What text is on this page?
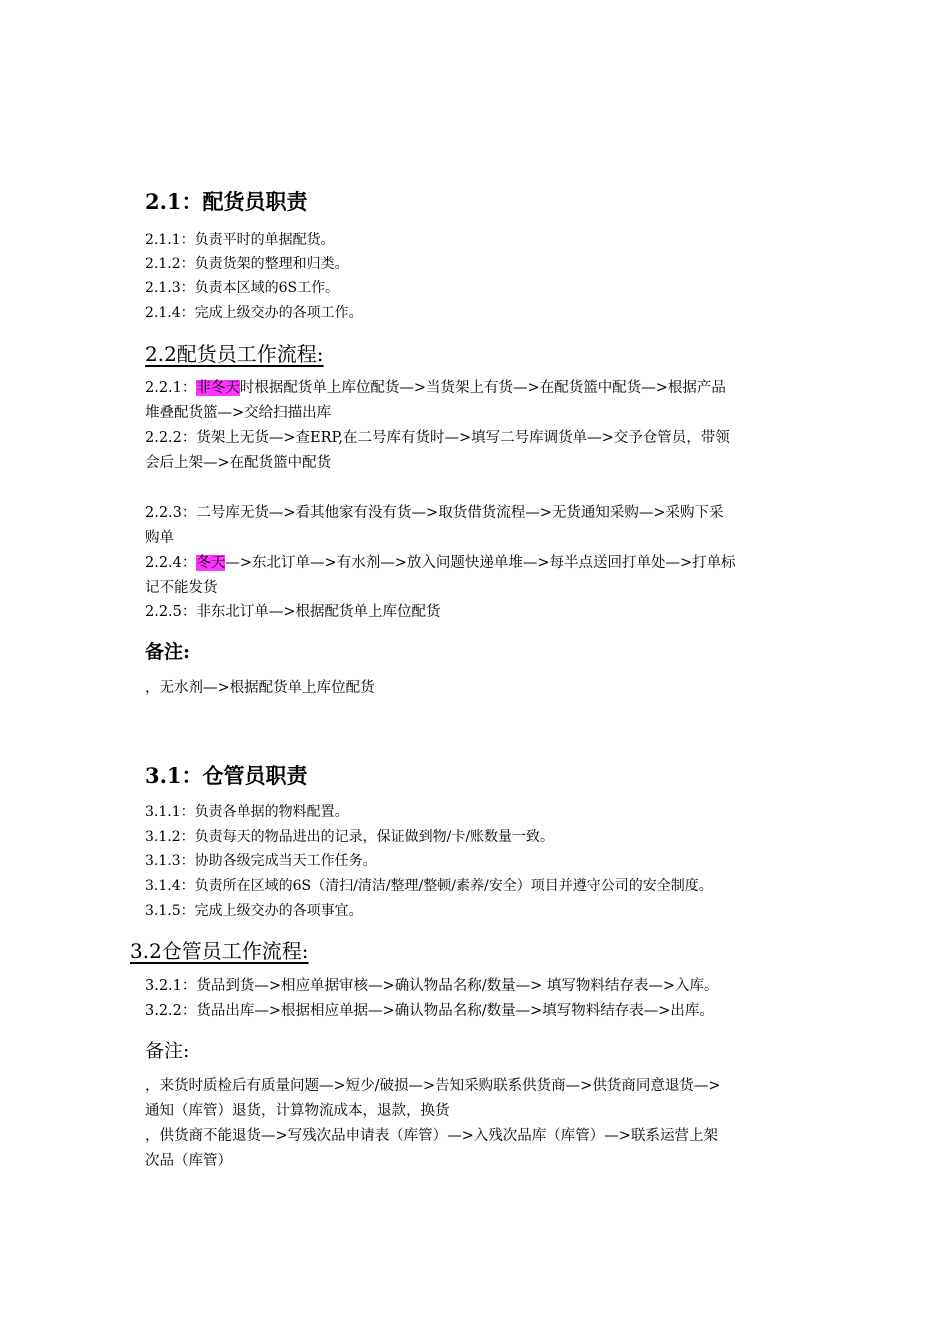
2.1：配货员职责
2.1.1：负责平时的单据配货。
2.1.2：负责货架的整理和归类。
2.1.3：负责本区域的6S工作。
2.1.4：完成上级交办的各项工作。
2.2配货员工作流程:
2.2.1：非冬天时根据配货单上库位配货—>当货架上有货—>在配货篮中配货—>根据产品
堆叠配货篮—>交给扫描出库
2.2.2：货架上无货—>查ERP,在二号库有货时—>填写二号库调货单—>交予仓管员，带领
会后上架—>在配货篮中配货
2.2.3：二号库无货—>看其他家有没有货—>取货借货流程—>无货通知采购—>采购下采
购单
2.2.4：冬天—>东北订单—>有水剂—>放入问题快递单堆—>每半点送回打单处—>打单标
记不能发货
2.2.5：非东北订单—>根据配货单上库位配货
备注:
，无水剂—>根据配货单上库位配货
3.1：仓管员职责
3.1.1：负责各单据的物料配置。
3.1.2：负责每天的物品进出的记录，保证做到物/卡/账数量一致。
3.1.3：协助各级完成当天工作任务。
3.1.4：负责所在区域的6S（清扫/清洁/整理/整顿/素养/安全）项目并遵守公司的安全制度。
3.1.5：完成上级交办的各项事宜。
3.2仓管员工作流程:
3.2.1：货品到货—>相应单据审核—>确认物品名称/数量—> 填写物料结存表—>入库。
3.2.2：货品出库—>根据相应单据—>确认物品名称/数量—>填写物料结存表—>出库。
备注:
，来货时质检后有质量问题—>短少/破损—>告知采购联系供货商—>供货商同意退货—>
通知（库管）退货，计算物流成本，退款，换货
，供货商不能退货—>写残次品申请表（库管）—>入残次品库（库管）—>联系运营上架
次品（库管）
